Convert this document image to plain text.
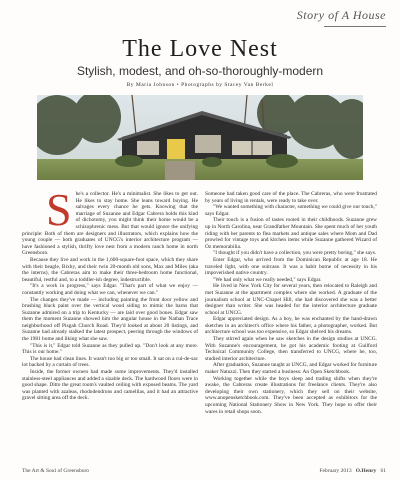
Story of A House
The Love Nest
Stylish, modest, and oh-so-thoroughly-modern
By Maria Johnson • Photographs by Stacey Van Berkel
S he's a collector. He's a minimalist. She likes to get out. He likes to stay home. She leans toward buying. He salvages every chance he gets. Knowing that the marriage of Suzanne and Edgar Cabrera holds this kind of dichotomy, you might think their home would be a schizophrenic mess. But that would ignore the unifying principle: Both of them are designers and illustrators, which explains how the young couple — both graduates of UNCG's interior architecture program — have fashioned a stylish, thrifty love nest from a modern ranch home in north Greensboro.

Because they live and work in the 1,600-square-foot space, which they share with their beagle, Bixby, and their twin 20-month old sons, Max and Miles (aka the interns), the Cabreras aim to make their three-bedroom home functional, beautiful, restful and, to a toddler-ish degree, indestructible.

"It's a work in progress," says Edgar. "That's part of what we enjoy — constantly working and doing what we can, whenever we can."

The changes they've made — including painting the front door yellow and brushing black paint over the vertical wood siding to mimic the barns that Suzanne admired on a trip to Kentucky — are laid over good bones. Edgar saw them the moment Suzanne showed him the angular house in the Nathan Trace neighborhood off Pisgah Church Road. They'd looked at about 20 listings, and Suzanne had already stalked the latest prospect, peering through the windows of the 1981 home and liking what she saw.

"This is it," Edgar told Suzanne as they pulled up. "Don't look at any more. This is our home."

The house had clean lines. It wasn't too big or too small. It sat on a cul-de-sac lot backed by a curtain of trees.

Inside, the former owners had made some improvements. They'd installed stainless-steel appliances and added a sizable deck. The hardwood floors were in good shape. Ditto the great room's vaulted ceiling with exposed beams. The yard was planted with azaleas, rhododendrons and camellias, and it had an attractive gravel sitting area off the deck.

Someone had taken good care of the place. The Cabreras, who were frustrated by years of living in rentals, were ready to take over.

"We wanted something with character, something we could give our touch," says Edgar.

Their touch is a fusion of tastes rooted in their childhoods. Suzanne grew up in North Carolina, near Grandfather Mountain. She spent much of her youth riding with her parents to flea markets and antique sales where Mom and Dad prowled for vintage toys and kitchen items while Suzanne gathered Wizard of Oz memorabilia.

"I thought if you didn't have a collection, you were pretty boring," she says.

Enter Edgar, who arrived from the Dominican Republic at age 18. He traveled light, with one suitcase. It was a habit borne of necessity in his impoverished native country.

"We had only what we really needed," says Edgar.

He lived in New York City for several years, then relocated to Raleigh and met Suzanne at the apartment complex where she worked. A graduate of the journalism school at UNC-Chapel Hill, she had discovered she was a better designer than writer. She was headed for the interior architecture graduate school at UNCG.

Edgar appreciated design. As a boy, he was enchanted by the hand-drawn sketches in an architect's office where his father, a photographer, worked. But architecture school was too expensive, so Edgar shelved his dreams.

They stirred again when he saw sketches in the design studios at UNCG. With Suzanne's encouragement, he got his academic footing at Guilford Technical Community College, then transferred to UNCG, where he, too, studied interior architecture.

After graduation, Suzanne taught at UNCG, and Edgar worked for furniture maker Natuzzi. Then they started a business: An Open Sketchbook.

Working together while the boys sleep and trading shifts when they're awake, the Cabreras create illustrations for freelance clients. They're also developing their own stationery, which they sell on their website, www.anopensketchbook.com. They've been accepted as exhibitors for the upcoming National Stationery Show in New York. They hope to offer their wares in retail shops soon.

The Art & Soul of Greensboro	February 2013 O.Henry 61
